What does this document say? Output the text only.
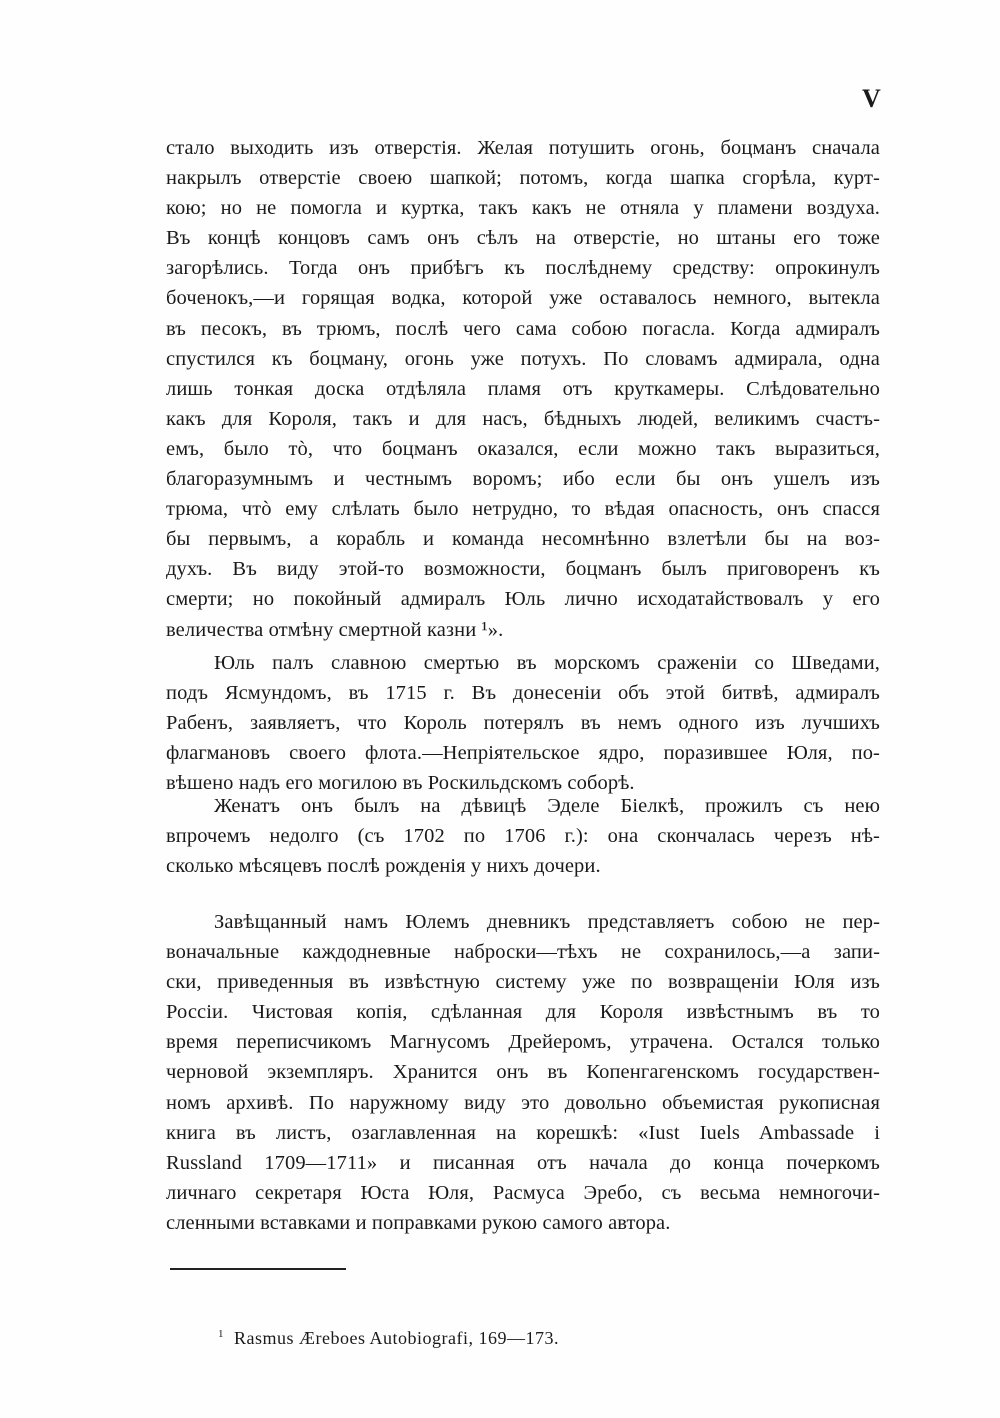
V
стало выходить изъ отверстія. Желая потушить огонь, боцманъ сначала
накрылъ отверстіе своею шапкой; потомъ, когда шапка сгорѣла, курт-
кою; но не помогла и куртка, такъ какъ не отняла у пламени воздуха.
Въ концѣ концовъ самъ онъ сѣлъ на отверстіе, но штаны его тоже
загорѣлись. Тогда онъ прибѣгъ къ послѣднему средству: опрокинулъ
боченокъ,—и горящая водка, которой уже оставалось немного, вытекла
въ песокъ, въ трюмъ, послѣ чего сама собою погасла. Когда адмиралъ
спустился къ боцману, огонь уже потухъ. По словамъ адмирала, одна
лишь тонкая доска отдѣляла пламя отъ круткамеры. Слѣдовательно
какъ для Короля, такъ и для насъ, бѣдныхъ людей, великимъ счастъ-
емъ, было тò, что боцманъ оказался, если можно такъ выразиться,
благоразумнымъ и честнымъ воромъ; ибо если бы онъ ушелъ изъ
трюма, чтò ему слѣлать было нетрудно, то вѣдая опасность, онъ спасся
бы первымъ, а корабль и команда несомнѣнно взлетѣли бы на воз-
духъ. Въ виду этой-то возможности, боцманъ былъ приговоренъ къ
смерти; но покойный адмиралъ Юль лично исходатайствовалъ у его
величества отмѣну смертной казни ¹».
Юль палъ славною смертью въ морскомъ сраженіи со Шведами,
подъ Ясмундомъ, въ 1715 г. Въ донесеніи объ этой битвѣ, адмиралъ
Рабенъ, заявляетъ, что Король потерялъ въ немъ одного изъ лучшихъ
флагмановъ своего флота.—Непріятельское ядро, поразившее Юля, по-
вѣшено надъ его могилою въ Роскильдскомъ соборѣ.
Женатъ онъ былъ на дѣвицѣ Эделе Біелкѣ, прожилъ съ нею
впрочемъ недолго (съ 1702 по 1706 г.): она скончалась черезъ нѣ-
сколько мѣсяцевъ послѣ рожденія у нихъ дочери.
Завѣщанный намъ Юлемъ дневникъ представляетъ собою не пер-
воначальные каждодневные наброски—тѣхъ не сохранилось,—а запи-
ски, приведенныя въ извѣстную систему уже по возвращеніи Юля изъ
Россіи. Чистовая копія, сдѣланная для Короля извѣстнымъ въ то
время переписчикомъ Магнусомъ Дрейеромъ, утрачена. Остался только
черновой экземпляръ. Хранится онъ въ Копенгагенскомъ государствен-
номъ архивѣ. По наружному виду это довольно объемистая рукописная
книга въ листъ, озаглавленная на корешкѣ: «Iust Iuels Ambassade i
Russland 1709—1711» и писанная отъ начала до конца почеркомъ
личнаго секретаря Юста Юля, Расмуса Эребо, съ весьма немногочи-
сленными вставками и поправками рукою самого автора.
$^1$ Rasmus Æreboes Autobiografi, 169—173.
